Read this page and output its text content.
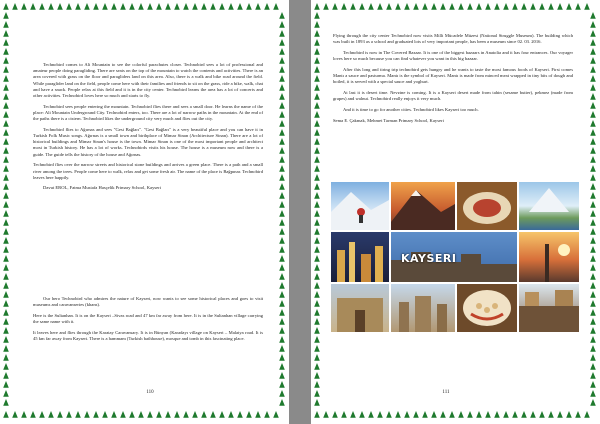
Technobird comes to Ali Mountain to see the colorful parachutes closer. Technobird sees a lot of professional and amateur people doing paragliding. There are seats on the top of the mountain to watch the contents and activities. There is an area covered with grass on the floor and paragliders land on this area. Also, there is a walk and bike road around the field. While paraglider land on the field, people come here with their families and friends to sit on the grass, ride a bike, walk, chat and have a snack. People relax at this field and it is in the city center. Technobird learns the area has a lot of concerts and other activities. Technobird loves here so much and starts to fly.

Technobird sees people entering the mountain. Technobird flies there and sees a small door. He learns the name of the place: Ali Mountain Underground City. Technobird enters, too. There are a lot of narrow paths in the mountain. At the end of the paths there is a cistern. Technobird likes the underground city very much and flies out the city.

Technobird flies to Ağırnas and sees "Gesi Bağları". "Gesi Bağları" is a very beautiful place and you can have it in Turkish Folk Music songs. Ağırnas is a small town and birthplace of Mimar Sinan (Architecture Sinan). There are a lot of historical buildings and Mimar Sinan's house is the town. Mimar Sinan is one of the most important people and architect most in Turkish history. He has a lot of works. Technobirds visits his house. The house is a museum now and there is a guide. The guide tells the history of the house and Ağırnas.

Technobird flies over the narrow streets and historical stone buildings and arrives a green place. There is a path and a small river among the trees. People come here to walk, relax and get some fresh air. The name of the place is Bağpınar. Technobird leaves here happily.

Davut EROL, Fatma Mustafa Hasçelik Primary School, Kayseri

Our hero Technobird who admires the nature of Kayseri, now wants to see some historical places and goes to visit museums and caravanseries (khans).

Here is the Sultanhan. It is on the Kayseri –Sivas road and 47 km far away from here. It is in the Sultanhan village carrying the same name with it.

It leaves here and flies through the Karatay Caravansary. It is in Bünyan (Karadayı village on Kayseri – Malatya road. It is 45 km far away from Kayseri. There is a hammam (Turkish bathhouse), mosque and tomb in this fascinating place.

110

Flying through the city center Technobird now visits Milli Mücadele Müzesi (National Struggle Museum). The building which was built in 1893 as a school and graduated lots of very important people, has been a museum since 02. 03. 2016.

Technobird is now in The Covered Bazaar. It is one of the biggest bazaars in Anatolia and it has four entrances. Our voyager loves here so much because you can find whatever you want in this big bazaar.

After this long and tiring trip technobird gets hungry and he wants to taste the most famous foods of Kayseri. First comes Mantı a sauce and pasturma. Mantı is the symbol of Kayseri. Mantı is made from minced meat wrapped in tiny bits of dough and boiled, it is served with a special sauce and yoghurt.

At last it is desert time. Nevzine is coming. It is a Kayseri desert made from tahin (sesame butter), pekmez (made from grapes) and walnut. Technobird really enjoys it very much.

And it is time to go for another cities. Technobird likes Kayseri too much.

Sema E. Çakmak, Mehmet Tarman Primary School, Kayseri

KAYSERI
111
